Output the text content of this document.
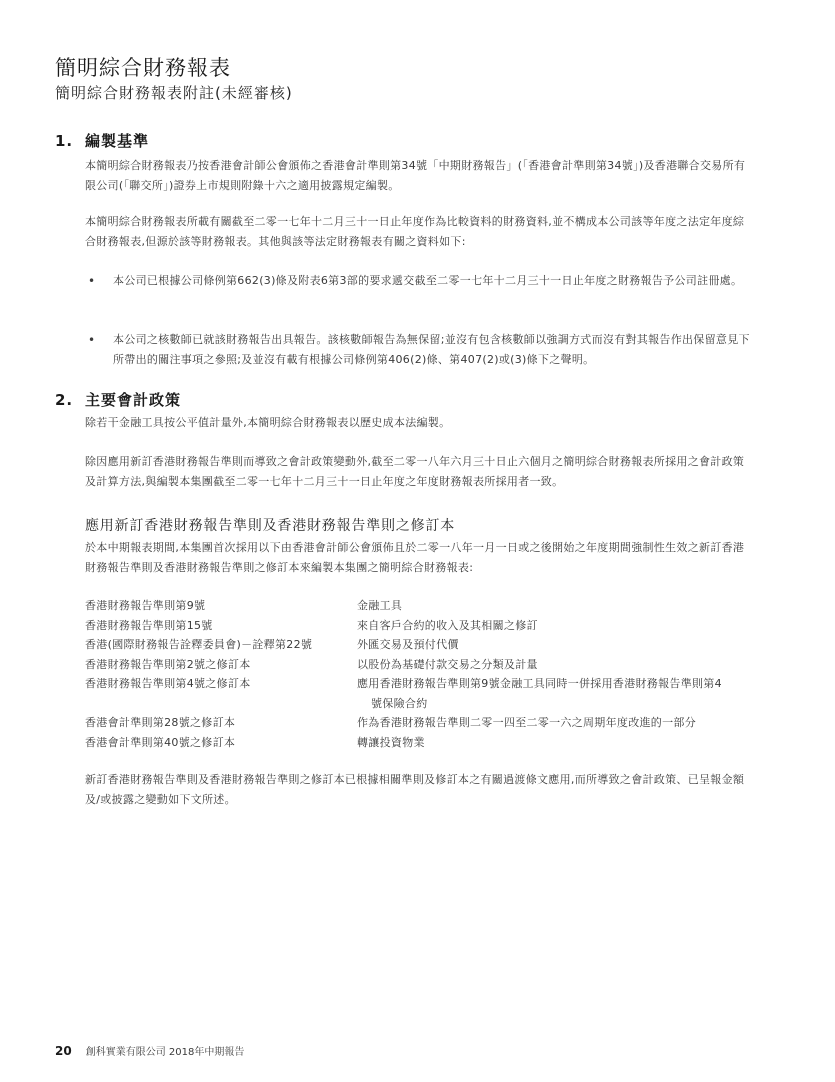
簡明綜合財務報表
簡明綜合財務報表附註(未經審核)
1. 編製基準
本簡明綜合財務報表乃按香港會計師公會頒佈之香港會計準則第34號「中期財務報告」(「香港會計準則第34號」)及香港聯合交易所有限公司(「聯交所」)證券上市規則附錄十六之適用披露規定編製。
本簡明綜合財務報表所載有關截至二零一七年十二月三十一日止年度作為比較資料的財務資料,並不構成本公司該等年度之法定年度綜合財務報表,但源於該等財務報表。其他與該等法定財務報表有關之資料如下:
• 本公司已根據公司條例第662(3)條及附表6第3部的要求遞交截至二零一七年十二月三十一日止年度之財務報告予公司註冊處。
• 本公司之核數師已就該財務報告出具報告。該核數師報告為無保留;並沒有包含核數師以強調方式而沒有對其報告作出保留意見下所帶出的關注事項之參照;及並沒有載有根據公司條例第406(2)條、第407(2)或(3)條下之聲明。
2. 主要會計政策
除若干金融工具按公平值計量外,本簡明綜合財務報表以歷史成本法編製。
除因應用新訂香港財務報告準則而導致之會計政策變動外,截至二零一八年六月三十日止六個月之簡明綜合財務報表所採用之會計政策及計算方法,與編製本集團截至二零一七年十二月三十一日止年度之年度財務報表所採用者一致。
應用新訂香港財務報告準則及香港財務報告準則之修訂本
於本中期報表期間,本集團首次採用以下由香港會計師公會頒佈且於二零一八年一月一日或之後開始之年度期間強制性生效之新訂香港財務報告準則及香港財務報告準則之修訂本來編製本集團之簡明綜合財務報表:
香港財務報告準則第9號	金融工具
香港財務報告準則第15號	來自客戶合約的收入及其相關之修訂
香港(國際財務報告詮釋委員會)－詮釋第22號	外匯交易及預付代價
香港財務報告準則第2號之修訂本	以股份為基礎付款交易之分類及計量
香港財務報告準則第4號之修訂本	應用香港財務報告準則第9號金融工具同時一併採用香港財務報告準則第4
號保險合約
香港會計準則第28號之修訂本	作為香港財務報告準則二零一四至二零一六之周期年度改進的一部分
香港會計準則第40號之修訂本	轉讓投資物業
新訂香港財務報告準則及香港財務報告準則之修訂本已根據相關準則及修訂本之有關過渡條文應用,而所導致之會計政策、已呈報金額及/或披露之變動如下文所述。
20 創科實業有限公司 2018年中期報告
